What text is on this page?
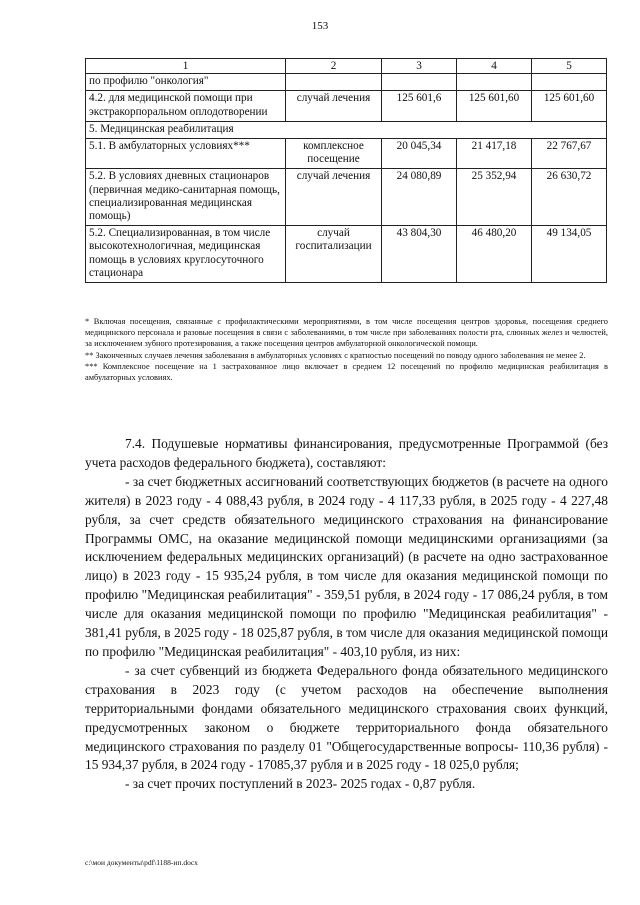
153
1	2	3	4	5
по профилю "онкология"				
4.2. для медицинской помощи при экстракорпоральном оплодотворении	случай лечения	125 601,6	125 601,60	125 601,60
5. Медицинская реабилитация				
5.1. В амбулаторных условиях***	комплексное посещение	20 045,34	21 417,18	22 767,67
5.2. В условиях дневных стационаров (первичная медико-санитарная помощь, специализированная медицинская помощь)	случай лечения	24 080,89	25 352,94	26 630,72
5.2. Специализированная, в том числе высокотехнологичная, медицинская помощь в условиях круглосуточного стационара	случай госпитализации	43 804,30	46 480,20	49 134,05

* Включая посещения, связанные с профилактическими мероприятиями, в том числе посещения центров здоровья, посещения среднего медицинского персонала и разовые посещения в связи с заболеваниями, в том числе при заболеваниях полости рта, слюнных желез и челюстей, за исключением зубного протезирования, а также посещения центров амбулаторной онкологической помощи.

** Законченных случаев лечения заболевания в амбулаторных условиях с кратностью посещений по поводу одного заболевания не менее 2.

*** Комплексное посещение на 1 застрахованное лицо включает в среднем 12 посещений по профилю медицинская реабилитация в амбулаторных условиях.

7.4. Подушевые нормативы финансирования, предусмотренные Программой (без учета расходов федерального бюджета), составляют:

- за счет бюджетных ассигнований соответствующих бюджетов (в расчете на одного жителя) в 2023 году - 4 088,43 рубля, в 2024 году - 4 117,33 рубля, в 2025 году - 4 227,48 рубля, за счет средств обязательного медицинского страхования на финансирование Программы ОМС, на оказание медицинской помощи медицинскими организациями (за исключением федеральных медицинских организаций) (в расчете на одно застрахованное лицо) в 2023 году - 15 935,24 рубля, в том числе для оказания медицинской помощи по профилю "Медицинская реабилитация" - 359,51 рубля, в 2024 году - 17 086,24 рубля, в том числе для оказания медицинской помощи по профилю "Медицинская реабилитация" - 381,41 рубля, в 2025 году - 18 025,87 рубля, в том числе для оказания медицинской помощи по профилю "Медицинская реабилитация" - 403,10 рубля, из них:

- за счет субвенций из бюджета Федерального фонда обязательного медицинского страхования в 2023 году (с учетом расходов на обеспечение выполнения территориальными фондами обязательного медицинского страхования своих функций, предусмотренных законом о бюджете территориального фонда обязательного медицинского страхования по разделу 01 "Общегосударственные вопросы- 110,36 рубля) - 15 934,37 рубля, в 2024 году - 17085,37 рубля и в 2025 году - 18 025,0 рубля;

- за счет прочих поступлений в 2023- 2025 годах - 0,87 рубля.

c:\мои документы\pdf\1188-ип.docx
